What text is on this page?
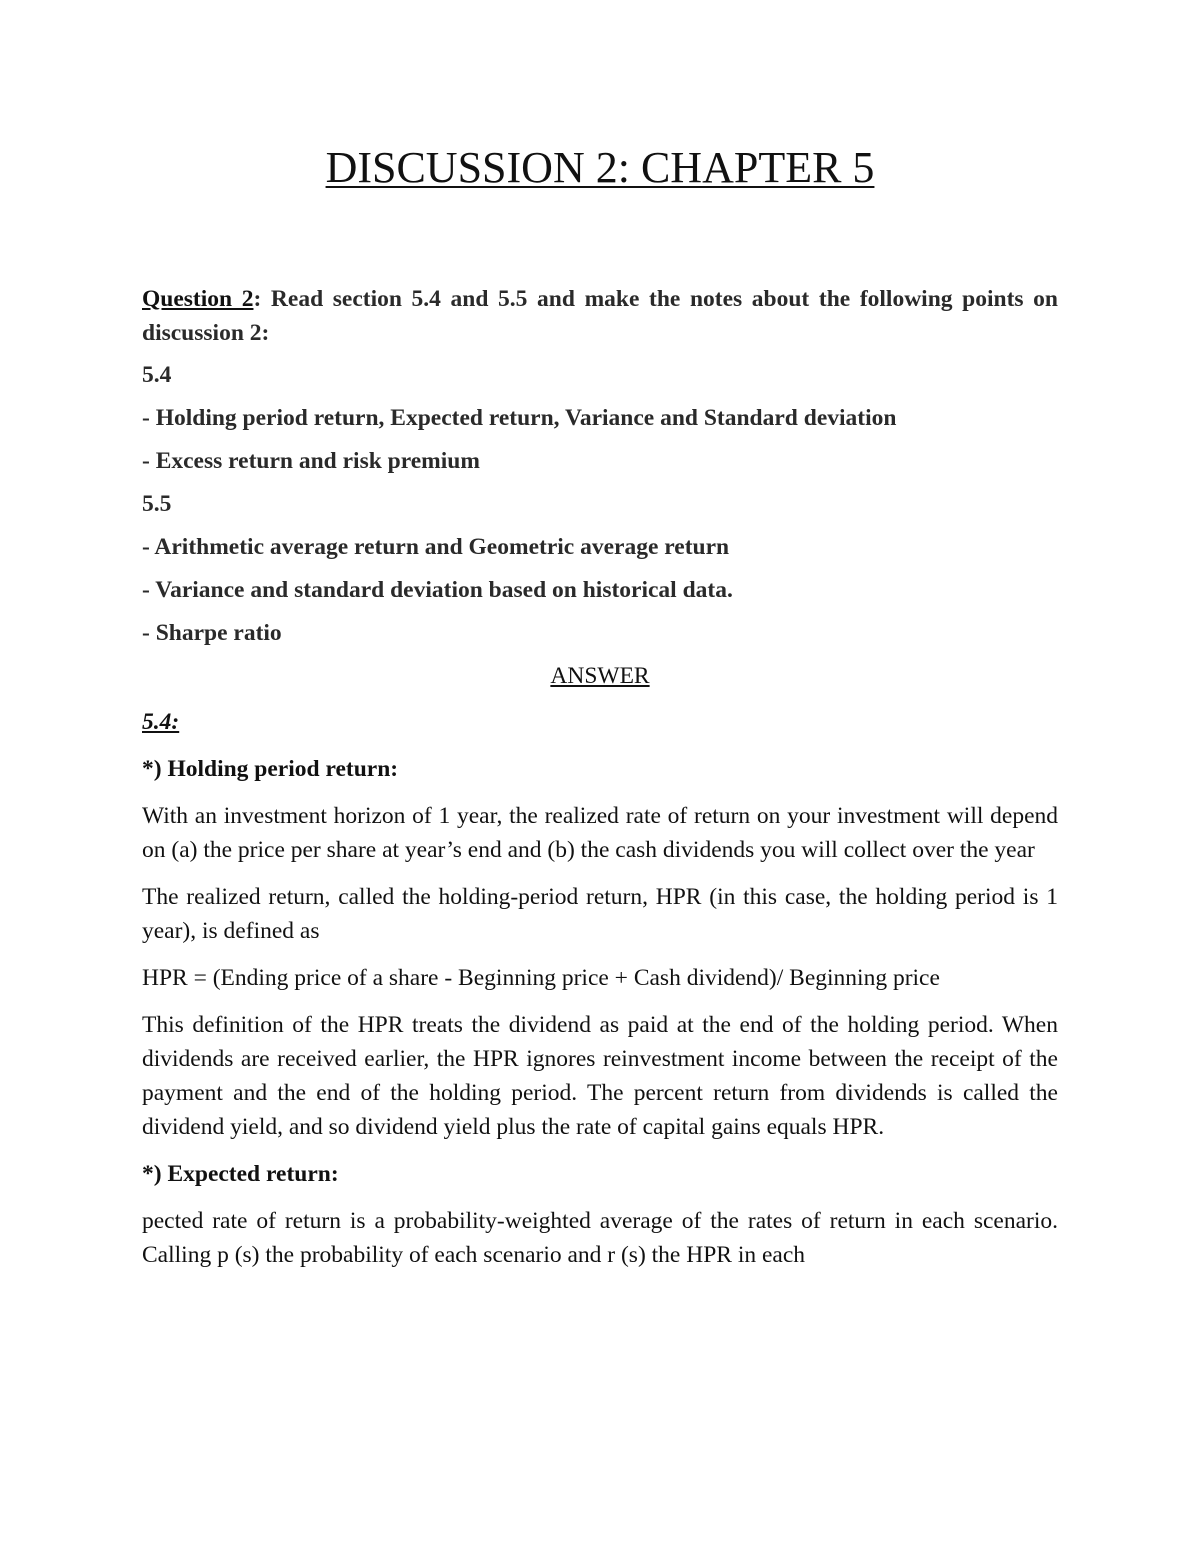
DISCUSSION 2: CHAPTER 5

Question 2: Read section 5.4 and 5.5 and make the notes about the following points on discussion 2:

5.4

- Holding period return, Expected return, Variance and Standard deviation

- Excess return and risk premium

5.5

- Arithmetic average return and Geometric average return

- Variance and standard deviation based on historical data.

- Sharpe ratio

ANSWER

5.4:

*) Holding period return:

With an investment horizon of 1 year, the realized rate of return on your investment will depend on (a) the price per share at year’s end and (b) the cash dividends you will collect over the year

The realized return, called the holding-period return, HPR (in this case, the holding period is 1 year), is defined as

HPR = (Ending price of a share - Beginning price + Cash dividend)/ Beginning price

This definition of the HPR treats the dividend as paid at the end of the holding period. When dividends are received earlier, the HPR ignores reinvestment income between the receipt of the payment and the end of the holding period. The percent return from dividends is called the dividend yield, and so dividend yield plus the rate of capital gains equals HPR.

*) Expected return:

pected rate of return is a probability-weighted average of the rates of return in each scenario. Calling p (s) the probability of each scenario and r (s) the HPR in each
